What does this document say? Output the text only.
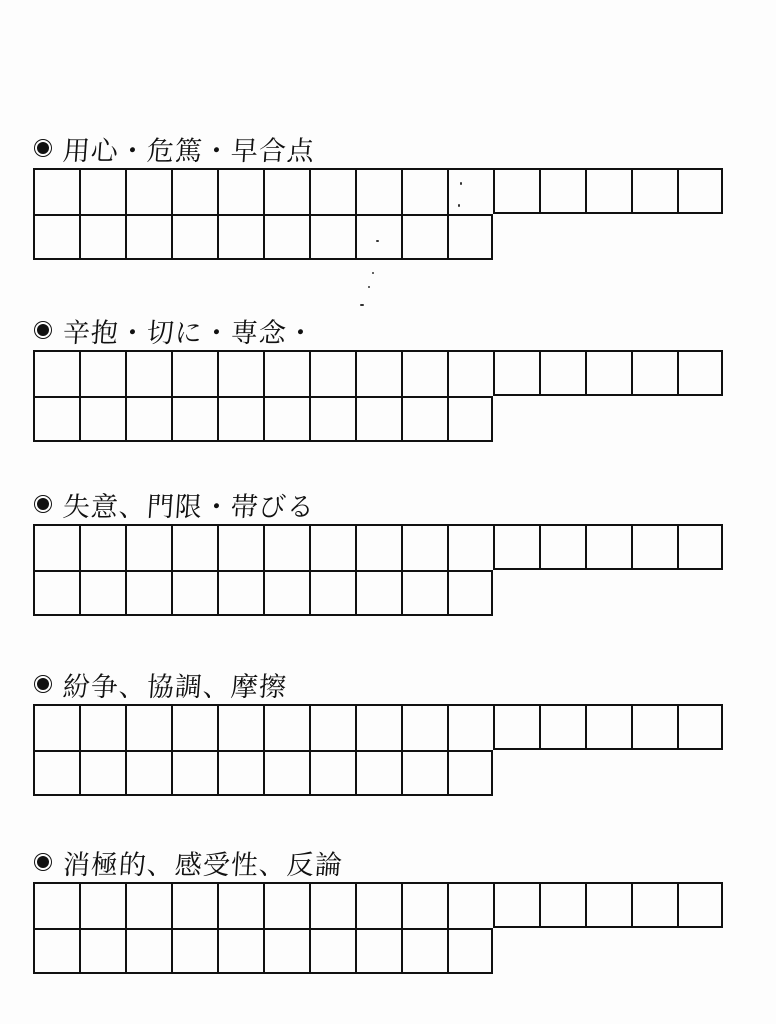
用心・危篤・早合点
辛抱・切に・専念・
失意、門限・帯びる
紛争、協調、摩擦
消極的、感受性、反論
